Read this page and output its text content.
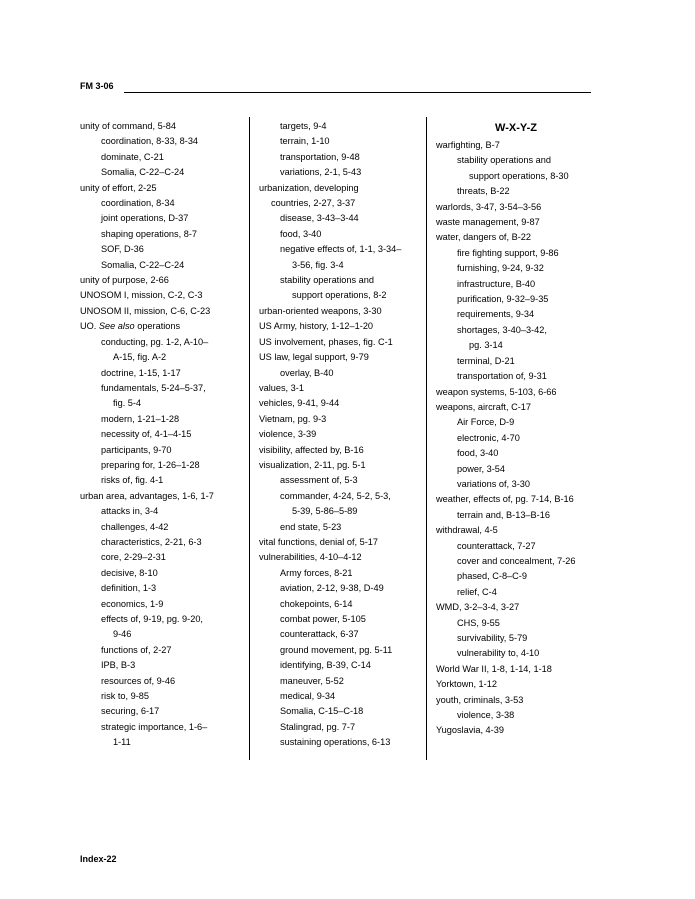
FM 3-06
unity of command, 5-84
coordination, 8-33, 8-34
dominate, C-21
Somalia, C-22–C-24
unity of effort, 2-25
coordination, 8-34
joint operations, D-37
shaping operations, 8-7
SOF, D-36
Somalia, C-22–C-24
unity of purpose, 2-66
UNOSOM I, mission, C-2, C-3
UNOSOM II, mission, C-6, C-23
UO. See also operations
conducting, pg. 1-2, A-10–
A-15, fig. A-2
doctrine, 1-15, 1-17
fundamentals, 5-24–5-37,
fig. 5-4
modern, 1-21–1-28
necessity of, 4-1–4-15
participants, 9-70
preparing for, 1-26–1-28
risks of, fig. 4-1
urban area, advantages, 1-6, 1-7
attacks in, 3-4
challenges, 4-42
characteristics, 2-21, 6-3
core, 2-29–2-31
decisive, 8-10
definition, 1-3
economics, 1-9
effects of, 9-19, pg. 9-20,
9-46
functions of, 2-27
IPB, B-3
resources of, 9-46
risk to, 9-85
securing, 6-17
strategic importance, 1-6–
1-11
targets, 9-4
terrain, 1-10
transportation, 9-48
variations, 2-1, 5-43
urbanization, developing
countries, 2-27, 3-37
disease, 3-43–3-44
food, 3-40
negative effects of, 1-1, 3-34–
3-56, fig. 3-4
stability operations and
support operations, 8-2
urban-oriented weapons, 3-30
US Army, history, 1-12–1-20
US involvement, phases, fig. C-1
US law, legal support, 9-79
overlay, B-40
values, 3-1
vehicles, 9-41, 9-44
Vietnam, pg. 9-3
violence, 3-39
visibility, affected by, B-16
visualization, 2-11, pg. 5-1
assessment of, 5-3
commander, 4-24, 5-2, 5-3,
5-39, 5-86–5-89
end state, 5-23
vital functions, denial of, 5-17
vulnerabilities, 4-10–4-12
Army forces, 8-21
aviation, 2-12, 9-38, D-49
chokepoints, 6-14
combat power, 5-105
counterattack, 6-37
ground movement, pg. 5-11
identifying, B-39, C-14
maneuver, 5-52
medical, 9-34
Somalia, C-15–C-18
Stalingrad, pg. 7-7
sustaining operations, 6-13
W-X-Y-Z
warfighting, B-7
stability operations and
support operations, 8-30
threats, B-22
warlords, 3-47, 3-54–3-56
waste management, 9-87
water, dangers of, B-22
fire fighting support, 9-86
furnishing, 9-24, 9-32
infrastructure, B-40
purification, 9-32–9-35
requirements, 9-34
shortages, 3-40–3-42,
pg. 3-14
terminal, D-21
transportation of, 9-31
weapon systems, 5-103, 6-66
weapons, aircraft, C-17
Air Force, D-9
electronic, 4-70
food, 3-40
power, 3-54
variations of, 3-30
weather, effects of, pg. 7-14, B-16
terrain and, B-13–B-16
withdrawal, 4-5
counterattack, 7-27
cover and concealment, 7-26
phased, C-8–C-9
relief, C-4
WMD, 3-2–3-4, 3-27
CHS, 9-55
survivability, 5-79
vulnerability to, 4-10
World War II, 1-8, 1-14, 1-18
Yorktown, 1-12
youth, criminals, 3-53
violence, 3-38
Yugoslavia, 4-39
Index-22
